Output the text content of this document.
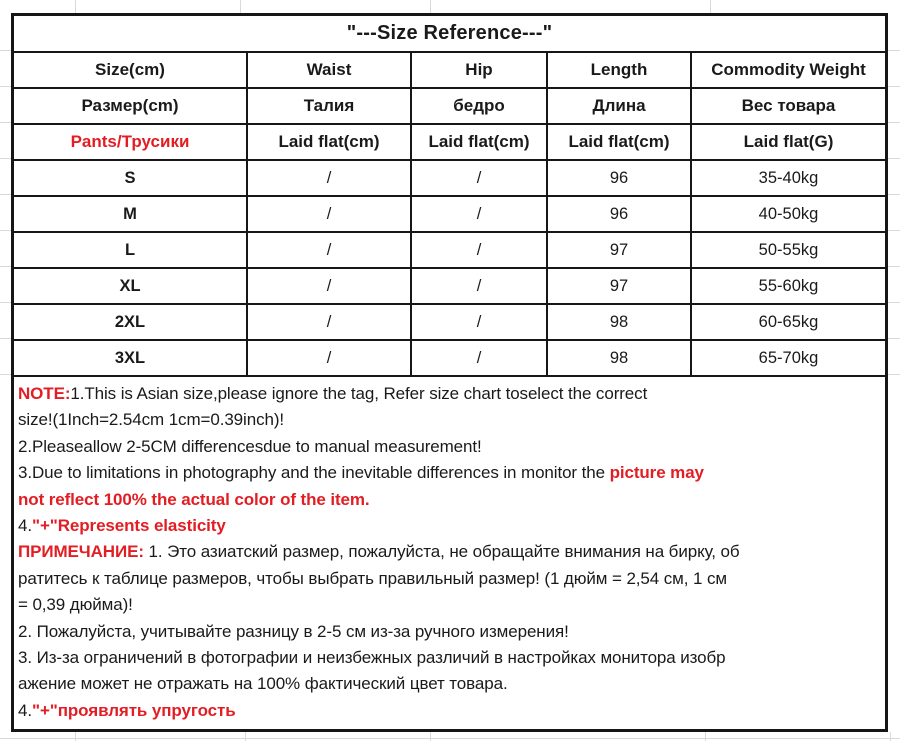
"---Size Reference---"
Size(cm)	Waist	Hip	Length	Commodity Weight
Размер(cm)	Талия	бедро	Длина	Вес товара
Pants/Трусики	Laid flat(cm)	Laid flat(cm)	Laid flat(cm)	Laid flat(G)
S	/	/	96	35-40kg
M	/	/	96	40-50kg
L	/	/	97	50-55kg
XL	/	/	97	55-60kg
2XL	/	/	98	60-65kg
3XL	/	/	98	65-70kg
NOTE:1.This is Asian size,please ignore the tag, Refer size chart toselect the correct
size!(1Inch=2.54cm 1cm=0.39inch)!
2.Pleaseallow 2-5CM differencesdue to manual measurement!
3.Due to limitations in photography and the inevitable differences in monitor the picture may
not reflect 100% the actual color of the item.
4."+"Represents elasticity
ПРИМЕЧАНИЕ: 1. Это азиатский размер, пожалуйста, не обращайте внимания на бирку, об
ратитесь к таблице размеров, чтобы выбрать правильный размер! (1 дюйм = 2,54 см, 1 см
= 0,39 дюйма)!
2. Пожалуйста, учитывайте разницу в 2-5 см из-за ручного измерения!
3. Из-за ограничений в фотографии и неизбежных различий в настройках монитора изобр
ажение может не отражать на 100% фактический цвет товара.
4."+"проявлять упругость
